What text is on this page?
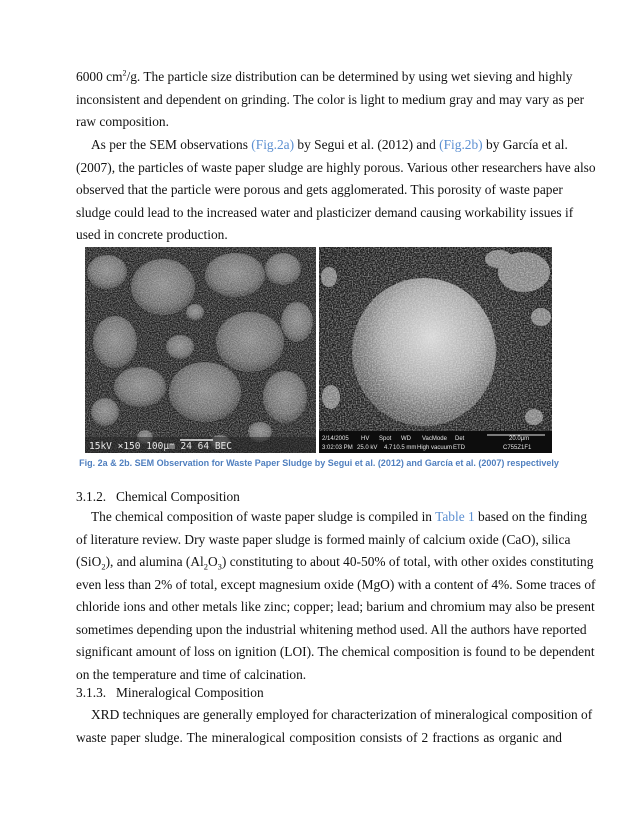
6000 $cm^2/g$. The particle size distribution can be determined by using wet sieving and highly
inconsistent and dependent on grinding. The color is light to medium gray and may vary as per
raw composition.
As per the SEM observations (Fig.2a) by Segui et al. (2012) and (Fig.2b) by García et al.
(2007), the particles of waste paper sludge are highly porous. Various other researchers have also
observed that the particle were porous and gets agglomerated. This porosity of waste paper
sludge could lead to the increased water and plasticizer demand causing workability issues if
used in concrete production.
15kV ×150 100μm 24 64 BEC
2/14/2005
3:02:03 PM
HV
25.0 kV
Spot
4.7
WD
10.5 mm
VacMode
High vacuum
Det
ETD
20.0μm
C755Z1F1
Fig. 2a & 2b. SEM Observation for Waste Paper Sludge by Segui et al. (2012) and García et al. (2007) respectively
3.1.2. Chemical Composition
The chemical composition of waste paper sludge is compiled in Table 1 based on the finding
of literature review. Dry waste paper sludge is formed mainly of calcium oxide (CaO), silica
(SiO$_2$), and alumina $(Al_2O_3)$ constituting to about 40-50% of total, with other oxides constituting
even less than 2% of total, except magnesium oxide (MgO) with a content of 4%. Some traces of
chloride ions and other metals like zinc; copper; lead; barium and chromium may also be present
sometimes depending upon the industrial whitening method used. All the authors have reported
significant amount of loss on ignition (LOI). The chemical composition is found to be dependent
on the temperature and time of calcination.
3.1.3. Mineralogical Composition
XRD techniques are generally employed for characterization of mineralogical composition of
waste paper sludge. The mineralogical composition consists of 2 fractions as organic and
